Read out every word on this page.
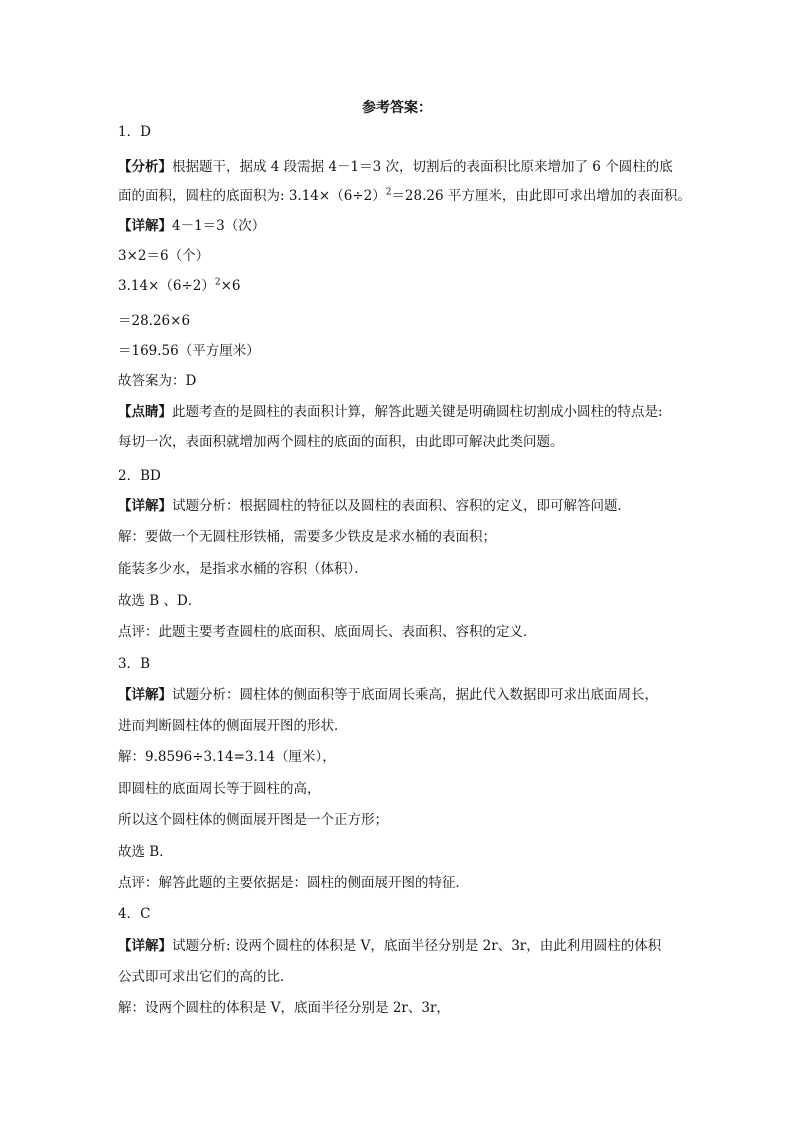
参考答案：
1．D
【分析】根据题干，据成 4 段需据 4－1＝3 次，切割后的表面积比原来增加了 6 个圆柱的底
面的面积，圆柱的底面积为: $3.14\times(6\div 2)^2=28.26$ 平方厘米，由此即可求出增加的表面积。
【详解】4－1＝3（次）
3×2＝6（个）
$3.14\times(6\div 2)^2\times 6$
＝28.26×6
＝169.56（平方厘米）
故答案为：D
【点睛】此题考查的是圆柱的表面积计算，解答此题关键是明确圆柱切割成小圆柱的特点是:
每切一次，表面积就增加两个圆柱的底面的面积，由此即可解决此类问题。
2．BD
【详解】试题分析：根据圆柱的特征以及圆柱的表面积、容积的定义，即可解答问题．
解：要做一个无圆柱形铁桶，需要多少铁皮是求水桶的表面积；
能装多少水，是指求水桶的容积（体积）．
故选 B 、D．
点评：此题主要考查圆柱的底面积、底面周长、表面积、容积的定义．
3．B
【详解】试题分析：圆柱体的侧面积等于底面周长乘高，据此代入数据即可求出底面周长，
进而判断圆柱体的侧面展开图的形状．
解：9.8596÷3.14=3.14（厘米），
即圆柱的底面周长等于圆柱的高，
所以这个圆柱体的侧面展开图是一个正方形；
故选 B．
点评：解答此题的主要依据是：圆柱的侧面展开图的特征．
4．C
【详解】试题分析: 设两个圆柱的体积是 V，底面半径分别是 2r、3r，由此利用圆柱的体积
公式即可求出它们的高的比．
解：设两个圆柱的体积是 V，底面半径分别是 2r、3r，
